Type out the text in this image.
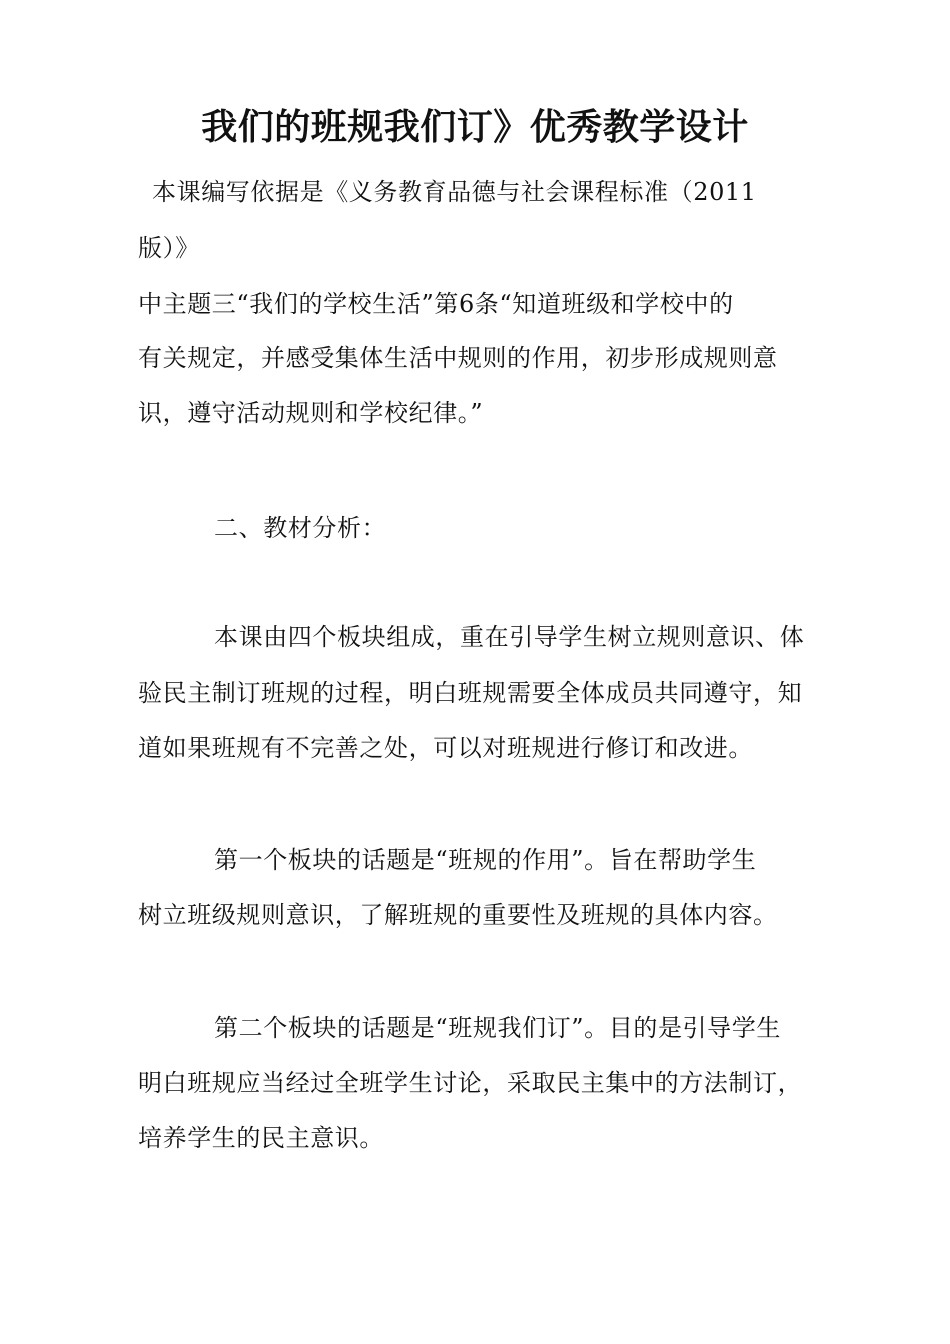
我们的班规我们订》优秀教学设计
本课编写依据是《义务教育品德与社会课程标准（2011
版）》
中主题三“我们的学校生活”第6条“知道班级和学校中的
有关规定，并感受集体生活中规则的作用，初步形成规则意
识，遵守活动规则和学校纪律。”
二、教材分析：
本课由四个板块组成，重在引导学生树立规则意识、体
验民主制订班规的过程，明白班规需要全体成员共同遵守，知
道如果班规有不完善之处，可以对班规进行修订和改进。
第一个板块的话题是“班规的作用”。旨在帮助学生
树立班级规则意识，了解班规的重要性及班规的具体内容。
第二个板块的话题是“班规我们订”。目的是引导学生
明白班规应当经过全班学生讨论，采取民主集中的方法制订，
培养学生的民主意识。
